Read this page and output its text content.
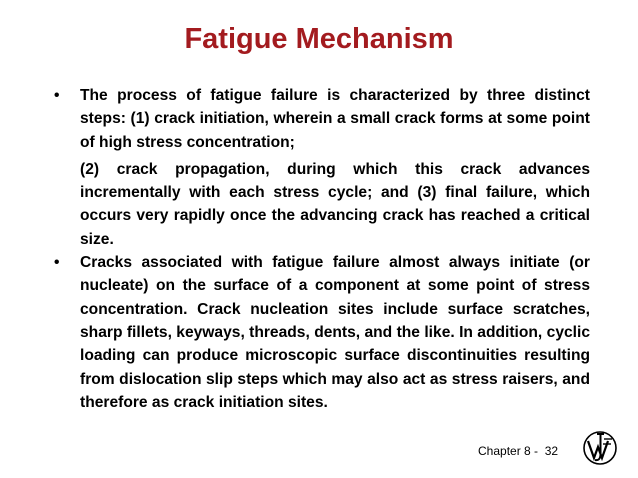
Fatigue Mechanism
• The process of fatigue failure is characterized by three distinct steps: (1) crack initiation, wherein a small crack forms at some point of high stress concentration;
(2) crack propagation, during which this crack advances incrementally with each stress cycle; and (3) final failure, which occurs very rapidly once the advancing crack has reached a critical size.
• Cracks associated with fatigue failure almost always initiate (or nucleate) on the surface of a component at some point of stress concentration. Crack nucleation sites include surface scratches, sharp fillets, keyways, threads, dents, and the like. In addition, cyclic loading can produce microscopic surface discontinuities resulting from dislocation slip steps which may also act as stress raisers, and therefore as crack initiation sites.
Chapter 8 - 32
